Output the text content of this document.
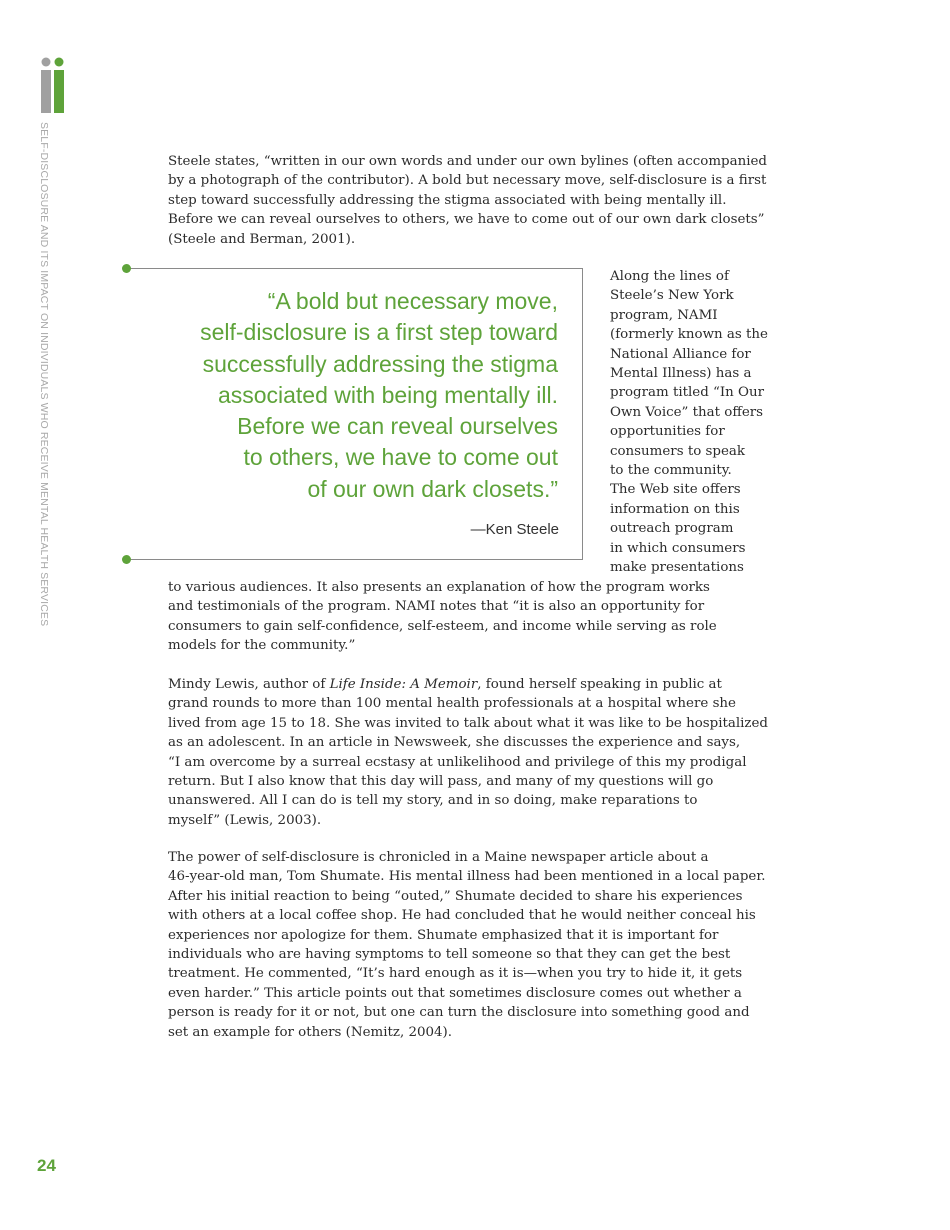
SELF-DISCLOSURE AND ITS IMPACT ON INDIVIDUALS WHO RECEIVE MENTAL HEALTH SERVICES
24

Steele states, “written in our own words and under our own bylines (often accompanied
by a photograph of the contributor). A bold but necessary move, self-disclosure is a first
step toward successfully addressing the stigma associated with being mentally ill.
Before we can reveal ourselves to others, we have to come out of our own dark closets”
(Steele and Berman, 2001).

“A bold but necessary move,
self-disclosure is a first step toward
successfully addressing the stigma
associated with being mentally ill.
Before we can reveal ourselves
to others, we have to come out
of our own dark closets.”
—Ken Steele

Along the lines of
Steele’s New York
program, NAMI
(formerly known as the
National Alliance for
Mental Illness) has a
program titled “In Our
Own Voice” that offers
opportunities for
consumers to speak
to the community.
The Web site offers
information on this
outreach program
in which consumers
make presentations

to various audiences. It also presents an explanation of how the program works
and testimonials of the program. NAMI notes that “it is also an opportunity for
consumers to gain self-confidence, self-esteem, and income while serving as role
models for the community.”

Mindy Lewis, author of Life Inside: A Memoir, found herself speaking in public at
grand rounds to more than 100 mental health professionals at a hospital where she
lived from age 15 to 18. She was invited to talk about what it was like to be hospitalized
as an adolescent. In an article in Newsweek, she discusses the experience and says,
“I am overcome by a surreal ecstasy at unlikelihood and privilege of this my prodigal
return. But I also know that this day will pass, and many of my questions will go
unanswered. All I can do is tell my story, and in so doing, make reparations to
myself” (Lewis, 2003).

The power of self-disclosure is chronicled in a Maine newspaper article about a
46-year-old man, Tom Shumate. His mental illness had been mentioned in a local paper.
After his initial reaction to being “outed,” Shumate decided to share his experiences
with others at a local coffee shop. He had concluded that he would neither conceal his
experiences nor apologize for them. Shumate emphasized that it is important for
individuals who are having symptoms to tell someone so that they can get the best
treatment. He commented, “It’s hard enough as it is—when you try to hide it, it gets
even harder.” This article points out that sometimes disclosure comes out whether a
person is ready for it or not, but one can turn the disclosure into something good and
set an example for others (Nemitz, 2004).
